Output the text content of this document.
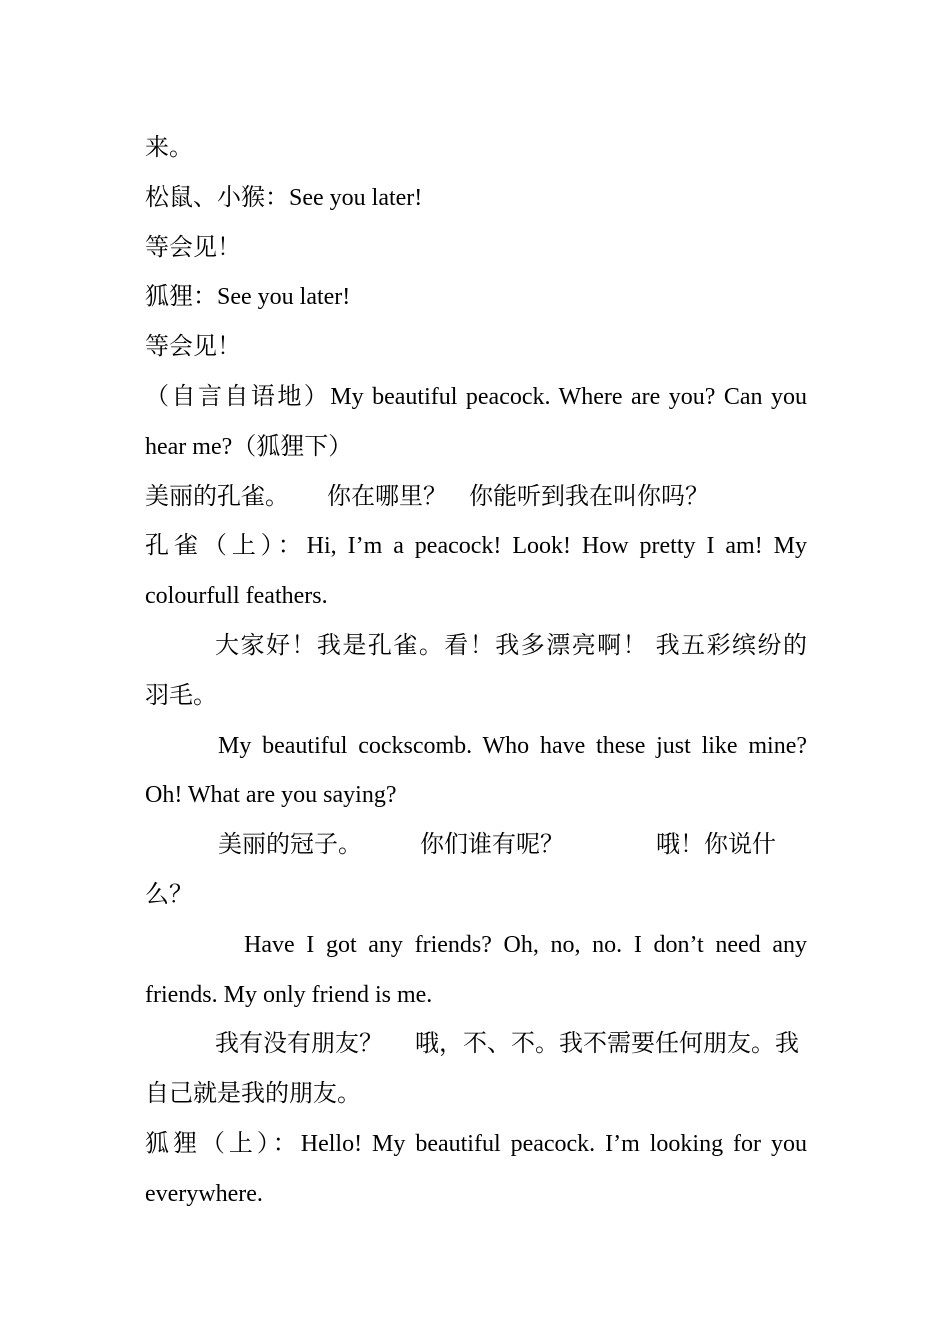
来。
松鼠、小猴：See you later!
等会见！
狐狸：See you later!
等会见！
（自言自语地）My beautiful peacock. Where are you? Can you
hear me?（狐狸下）
美丽的孔雀。 你在哪里？ 你能听到我在叫你吗？
孔雀（上）：Hi, I’m a peacock! Look! How pretty I am! My
colourfull feathers.
大家好！我是孔雀。看！我多漂亮啊！ 我五彩缤纷的
羽毛。
My beautiful cockscomb. Who have these just like mine?
Oh! What are you saying?
美丽的冠子。 你们谁有呢？	哦！你说什
么？
Have I got any friends? Oh, no, no. I don’t need any
friends. My only friend is me.
我有没有朋友？ 哦，不、不。我不需要任何朋友。我
自己就是我的朋友。
狐狸（上）：Hello! My beautiful peacock. I’m looking for you
everywhere.
